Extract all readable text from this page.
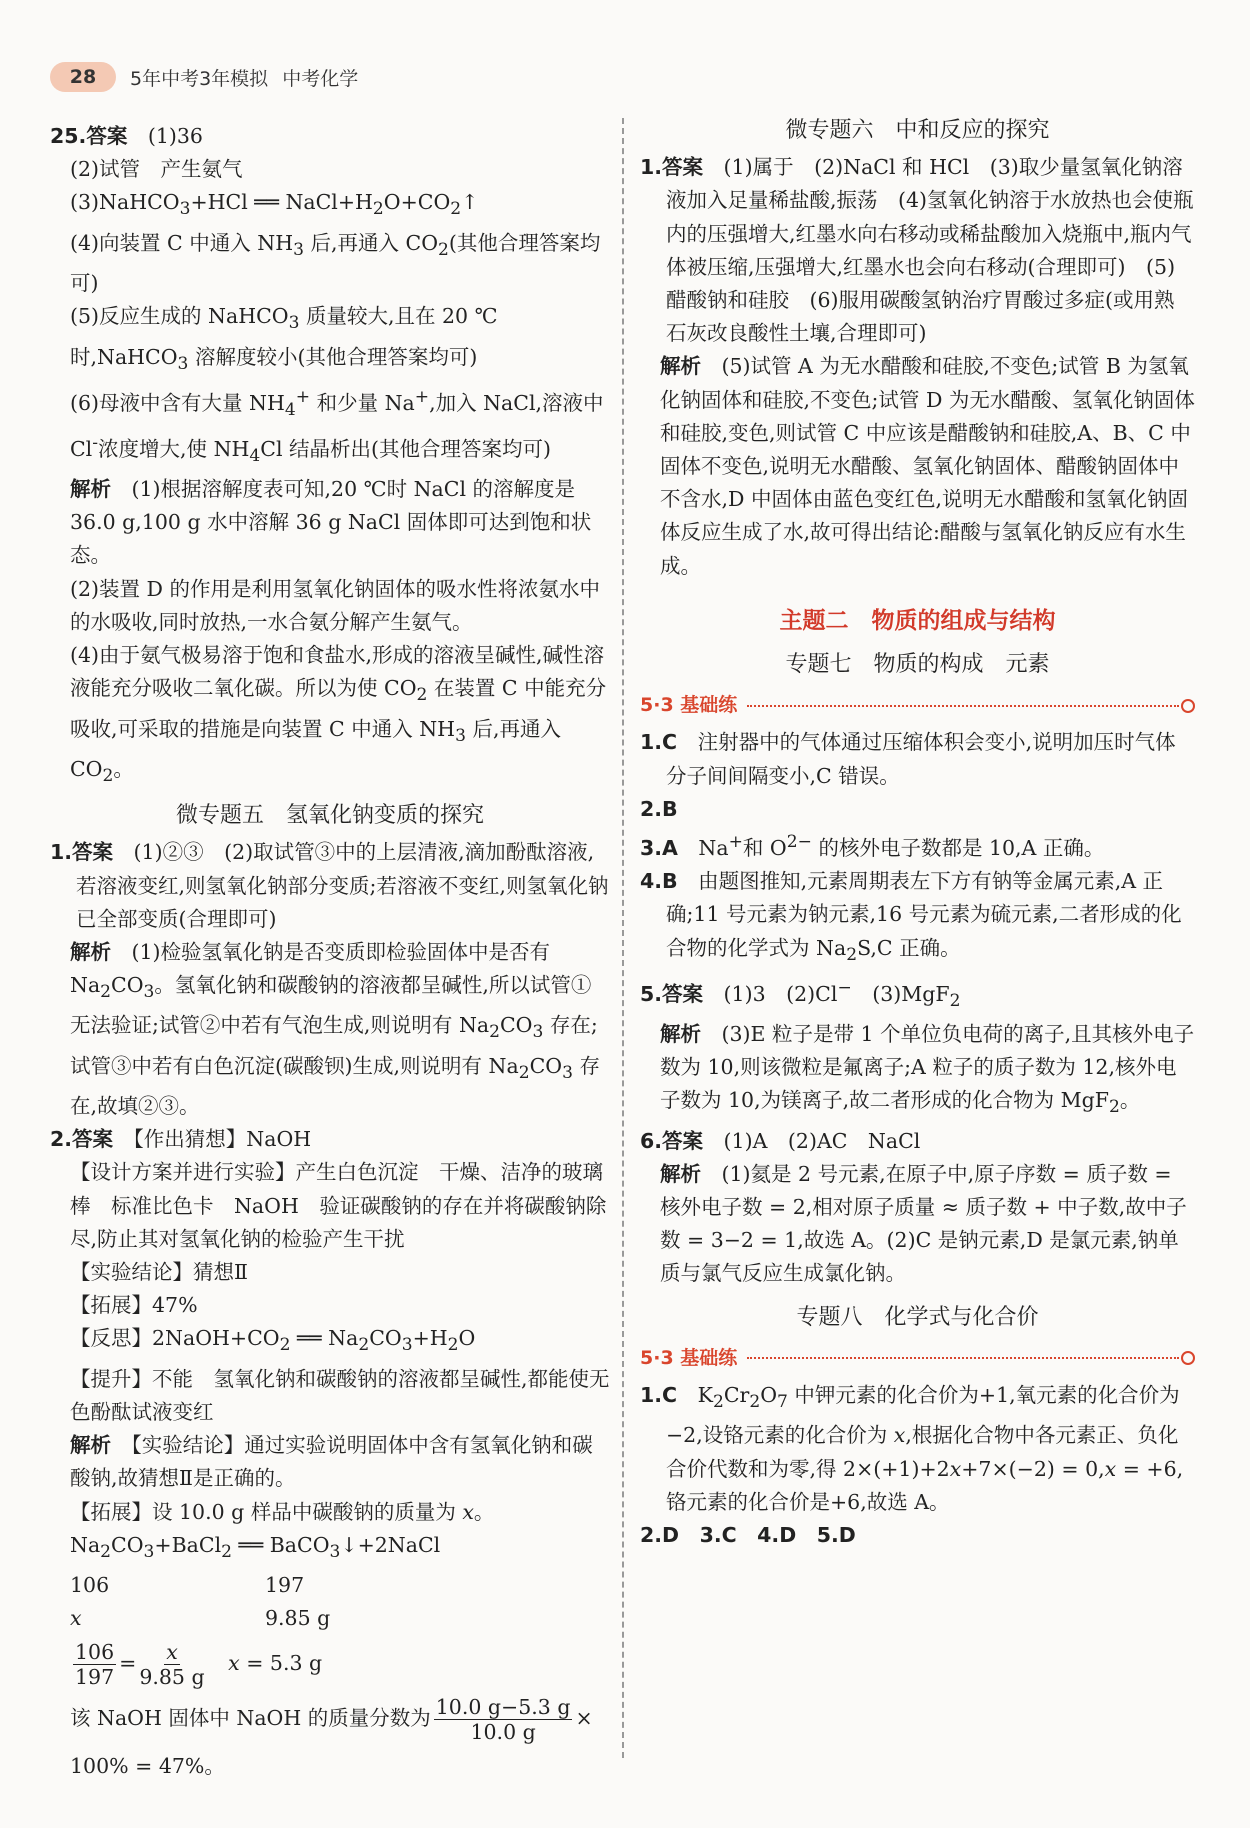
28	5年中考3年模拟 中考化学

25.答案　(1)36

(2)试管　产生氨气

(3)NaHCO$_3$+HCl ══ $NaCl+H_2O+CO_2↑$

(4)向装置 C 中通入 $NH_3$ 后,再通入 $CO_2$(其他合理答案均可)

(5)反应生成的 NaHCO$_3$ 质量较大,且在 20 ℃时,NaHCO$_3$ 溶解度较小(其他合理答案均可)

(6)母液中含有大量 $NH_4^+$ 和少量 Na+,加入 NaCl,溶液中 Cl-浓度增大,使 $NH_4Cl$ 结晶析出(其他合理答案均可)

解析　(1)根据溶解度表可知,20 ℃时 NaCl 的溶解度是 36.0 g,100 g 水中溶解 36 g NaCl 固体即可达到饱和状态。

(2)装置 D 的作用是利用氢氧化钠固体的吸水性将浓氨水中的水吸收,同时放热,一水合氨分解产生氨气。

(4)由于氨气极易溶于饱和食盐水,形成的溶液呈碱性,碱性溶液能充分吸收二氧化碳。所以为使 $CO_2$ 在装置 C 中能充分吸收,可采取的措施是向装置 C 中通入 $NH_3$ 后,再通入 $CO_2$。

微专题五　氢氧化钠变质的探究

1.答案　(1)②③　(2)取试管③中的上层清液,滴加酚酞溶液,若溶液变红,则氢氧化钠部分变质;若溶液不变红,则氢氧化钠已全部变质(合理即可)

解析　(1)检验氢氧化钠是否变质即检验固体中是否有 $Na_2CO_3$。氢氧化钠和碳酸钠的溶液都呈碱性,所以试管①无法验证;试管②中若有气泡生成,则说明有 $Na_2CO_3$ 存在;试管③中若有白色沉淀(碳酸钡)生成,则说明有 $Na_2CO_3$ 存在,故填②③。

2.答案　【作出猜想】NaOH

【设计方案并进行实验】产生白色沉淀　干燥、洁净的玻璃棒　标准比色卡　NaOH　验证碳酸钠的存在并将碳酸钠除尽,防止其对氢氧化钠的检验产生干扰

【实验结论】猜想Ⅱ

【拓展】47%

【反思】$2NaOH+CO_2$ ══ $Na_2CO_3+H_2O$

【提升】不能　氢氧化钠和碳酸钠的溶液都呈碱性,都能使无色酚酞试液变红

解析　【实验结论】通过实验说明固体中含有氢氧化钠和碳酸钠,故猜想Ⅱ是正确的。

【拓展】设 10.0 g 样品中碳酸钠的质量为 x。

$Na_2CO_3+BaCl_2$ ══ BaCO$_3$↓+2NaCl

106	197
x	9.85 g

$\frac{106}{197} = \frac{x}{9.85 g}$
　 x = 5.3 g

该 NaOH 固体中 NaOH 的质量分数为 $\frac{10.0 g-5.3 g}{10.0 g}$ ×

100% = 47%。

微专题六　中和反应的探究

1.答案　(1)属于　(2)NaCl 和 HCl　(3)取少量氢氧化钠溶液加入足量稀盐酸,振荡　(4)氢氧化钠溶于水放热也会使瓶内的压强增大,红墨水向右移动或稀盐酸加入烧瓶中,瓶内气体被压缩,压强增大,红墨水也会向右移动(合理即可)　(5)醋酸钠和硅胶　(6)服用碳酸氢钠治疗胃酸过多症(或用熟石灰改良酸性土壤,合理即可)

解析　(5)试管 A 为无水醋酸和硅胶,不变色;试管 B 为氢氧化钠固体和硅胶,不变色;试管 D 为无水醋酸、氢氧化钠固体和硅胶,变色,则试管 C 中应该是醋酸钠和硅胶,A、B、C 中固体不变色,说明无水醋酸、氢氧化钠固体、醋酸钠固体中不含水,D 中固体由蓝色变红色,说明无水醋酸和氢氧化钠固体反应生成了水,故可得出结论:醋酸与氢氧化钠反应有水生成。

主题二　物质的组成与结构
专题七　物质的构成　元素
5·3 基础练

1.C　注射器中的气体通过压缩体积会变小,说明加压时气体分子间间隔变小,C 错误。

2.B

3.A　Na+和 $O^{2-}$ 的核外电子数都是 10,A 正确。

4.B　由题图推知,元素周期表左下方有钠等金属元素,A 正确;11 号元素为钠元素,16 号元素为硫元素,二者形成的化合物的化学式为 $Na_2S,C$ 正确。

5.答案　(1)3　(2)Cl−　(3)MgF$_2$

解析　(3)E 粒子是带 1 个单位负电荷的离子,且其核外电子数为 10,则该微粒是氟离子;A 粒子的质子数为 12,核外电子数为 10,为镁离子,故二者形成的化合物为 MgF$_2$。

6.答案　(1)A　(2)AC　NaCl

解析　(1)氦是 2 号元素,在原子中,原子序数 = 质子数 = 核外电子数 = 2,相对原子质量 ≈ 质子数 + 中子数,故中子数 = 3−2 = 1,故选 A。(2)C 是钠元素,D 是氯元素,钠单质与氯气反应生成氯化钠。

专题八　化学式与化合价
5·3 基础练

1.C　$K_2Cr_2O_7$ 中钾元素的化合价为+1,氧元素的化合价为−2,设铬元素的化合价为 x,根据化合物中各元素正、负化合价代数和为零,得 2×(+1)+2x+7×(−2) = 0,x = +6,铬元素的化合价是+6,故选 A。

2.D　3.C　4.D　5.D
